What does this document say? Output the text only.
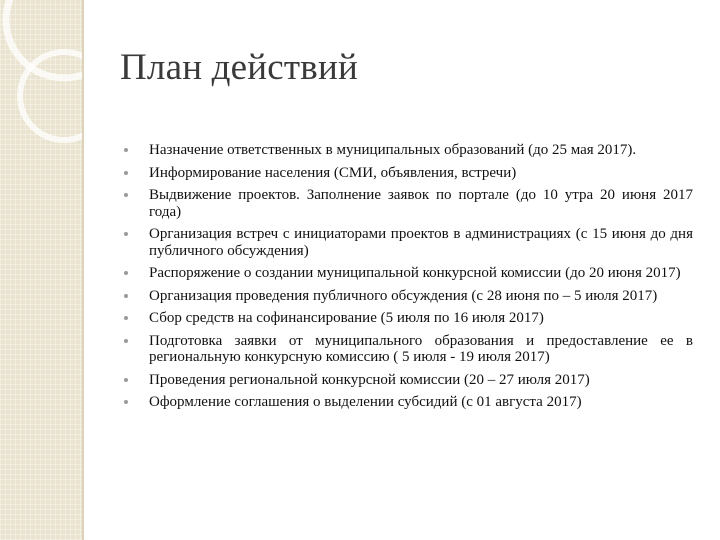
План действий
Назначение ответственных в муниципальных образований (до 25 мая 2017).
Информирование населения (СМИ, объявления, встречи)
Выдвижение проектов. Заполнение заявок по портале (до 10 утра 20 июня 2017 года)
Организация встреч с инициаторами проектов в администрациях (с 15 июня до дня публичного обсуждения)
Распоряжение о создании муниципальной конкурсной комиссии (до 20 июня 2017)
Организация проведения публичного обсуждения (с 28 июня по – 5 июля 2017)
Сбор средств на софинансирование (5 июля по 16 июля 2017)
Подготовка заявки от муниципального образования и предоставление ее в региональную конкурсную комиссию ( 5 июля - 19 июля 2017)
Проведения региональной конкурсной комиссии (20 – 27 июля 2017)
Оформление соглашения о выделении субсидий (с 01 августа 2017)
